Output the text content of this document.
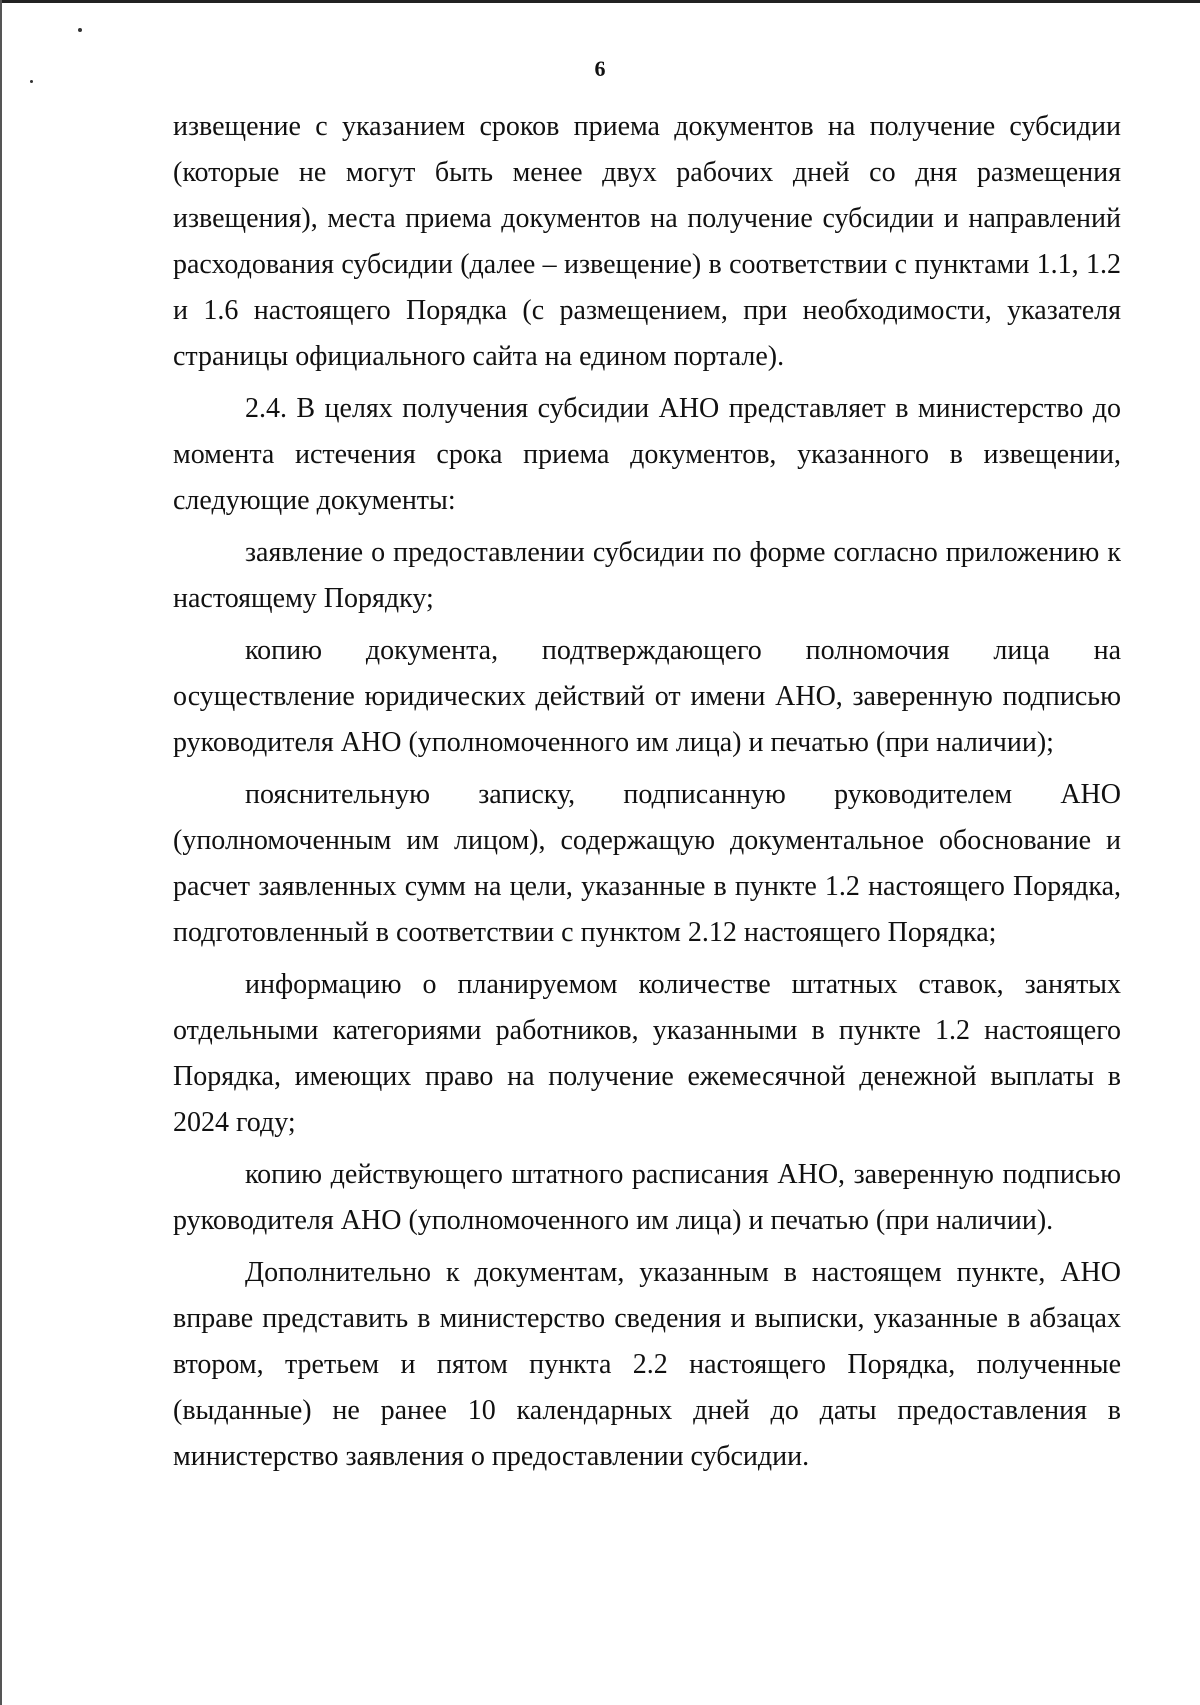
6

извещение с указанием сроков приема документов на получение субсидии (которые не могут быть менее двух рабочих дней со дня размещения извещения), места приема документов на получение субсидии и направлений расходования субсидии (далее – извещение) в соответствии с пунктами 1.1, 1.2 и 1.6 настоящего Порядка (с размещением, при необходимости, указателя страницы официального сайта на едином портале).

2.4. В целях получения субсидии АНО представляет в министерство до момента истечения срока приема документов, указанного в извещении, следующие документы:

заявление о предоставлении субсидии по форме согласно приложению к настоящему Порядку;

копию документа, подтверждающего полномочия лица на осуществление юридических действий от имени АНО, заверенную подписью руководителя АНО (уполномоченного им лица) и печатью (при наличии);

пояснительную записку, подписанную руководителем АНО (уполномоченным им лицом), содержащую документальное обоснование и расчет заявленных сумм на цели, указанные в пункте 1.2 настоящего Порядка, подготовленный в соответствии с пунктом 2.12 настоящего Порядка;

информацию о планируемом количестве штатных ставок, занятых отдельными категориями работников, указанными в пункте 1.2 настоящего Порядка, имеющих право на получение ежемесячной денежной выплаты в 2024 году;

копию действующего штатного расписания АНО, заверенную подписью руководителя АНО (уполномоченного им лица) и печатью (при наличии).

Дополнительно к документам, указанным в настоящем пункте, АНО вправе представить в министерство сведения и выписки, указанные в абзацах втором, третьем и пятом пункта 2.2 настоящего Порядка, полученные (выданные) не ранее 10 календарных дней до даты предоставления в министерство заявления о предоставлении субсидии.
